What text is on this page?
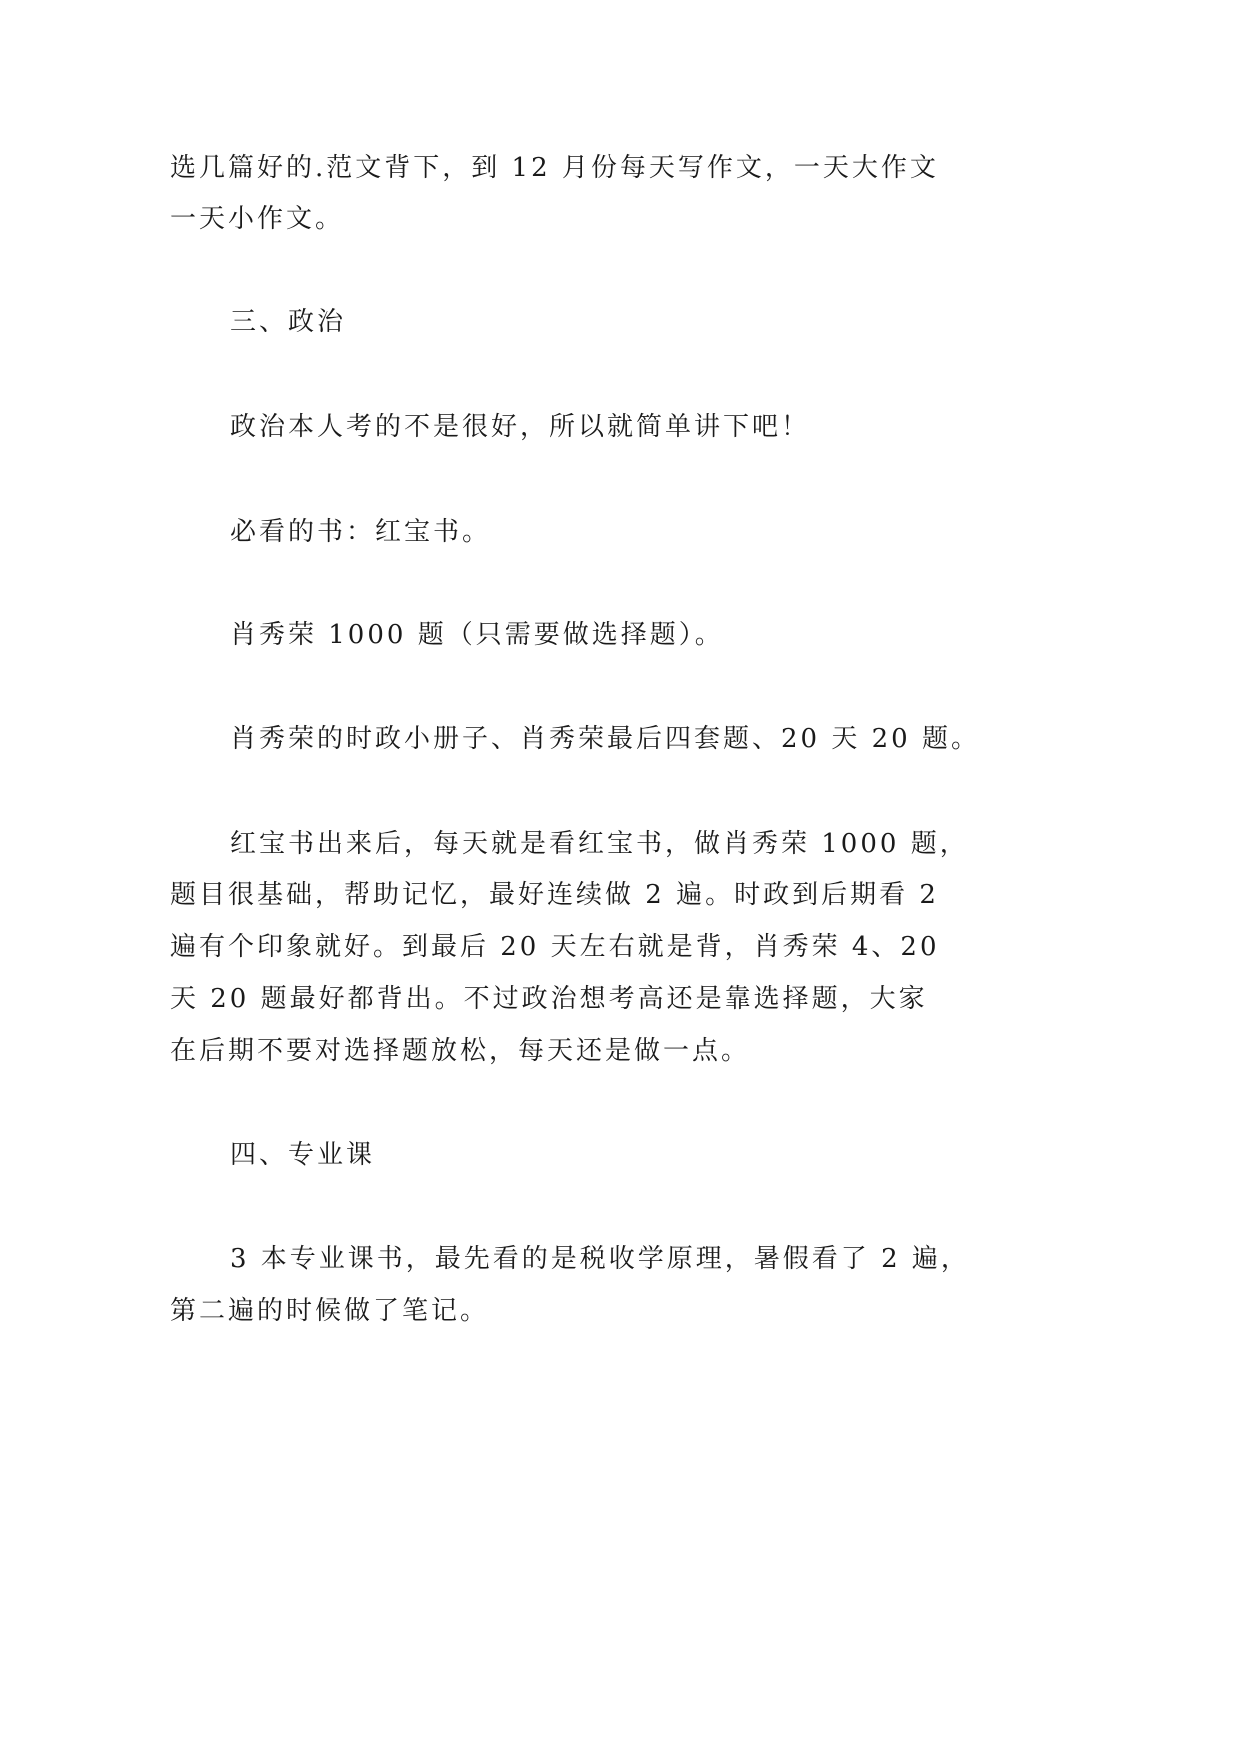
选几篇好的.范文背下，到 12 月份每天写作文，一天大作文
一天小作文。
三、政治
政治本人考的不是很好，所以就简单讲下吧！
必看的书：红宝书。
肖秀荣 1000 题（只需要做选择题）。
肖秀荣的时政小册子、肖秀荣最后四套题、20 天 20 题。
红宝书出来后，每天就是看红宝书，做肖秀荣 1000 题，
题目很基础，帮助记忆，最好连续做 2 遍。时政到后期看 2
遍有个印象就好。到最后 20 天左右就是背，肖秀荣 4、20
天 20 题最好都背出。不过政治想考高还是靠选择题，大家
在后期不要对选择题放松，每天还是做一点。
四、专业课
3 本专业课书，最先看的是税收学原理，暑假看了 2 遍，
第二遍的时候做了笔记。
